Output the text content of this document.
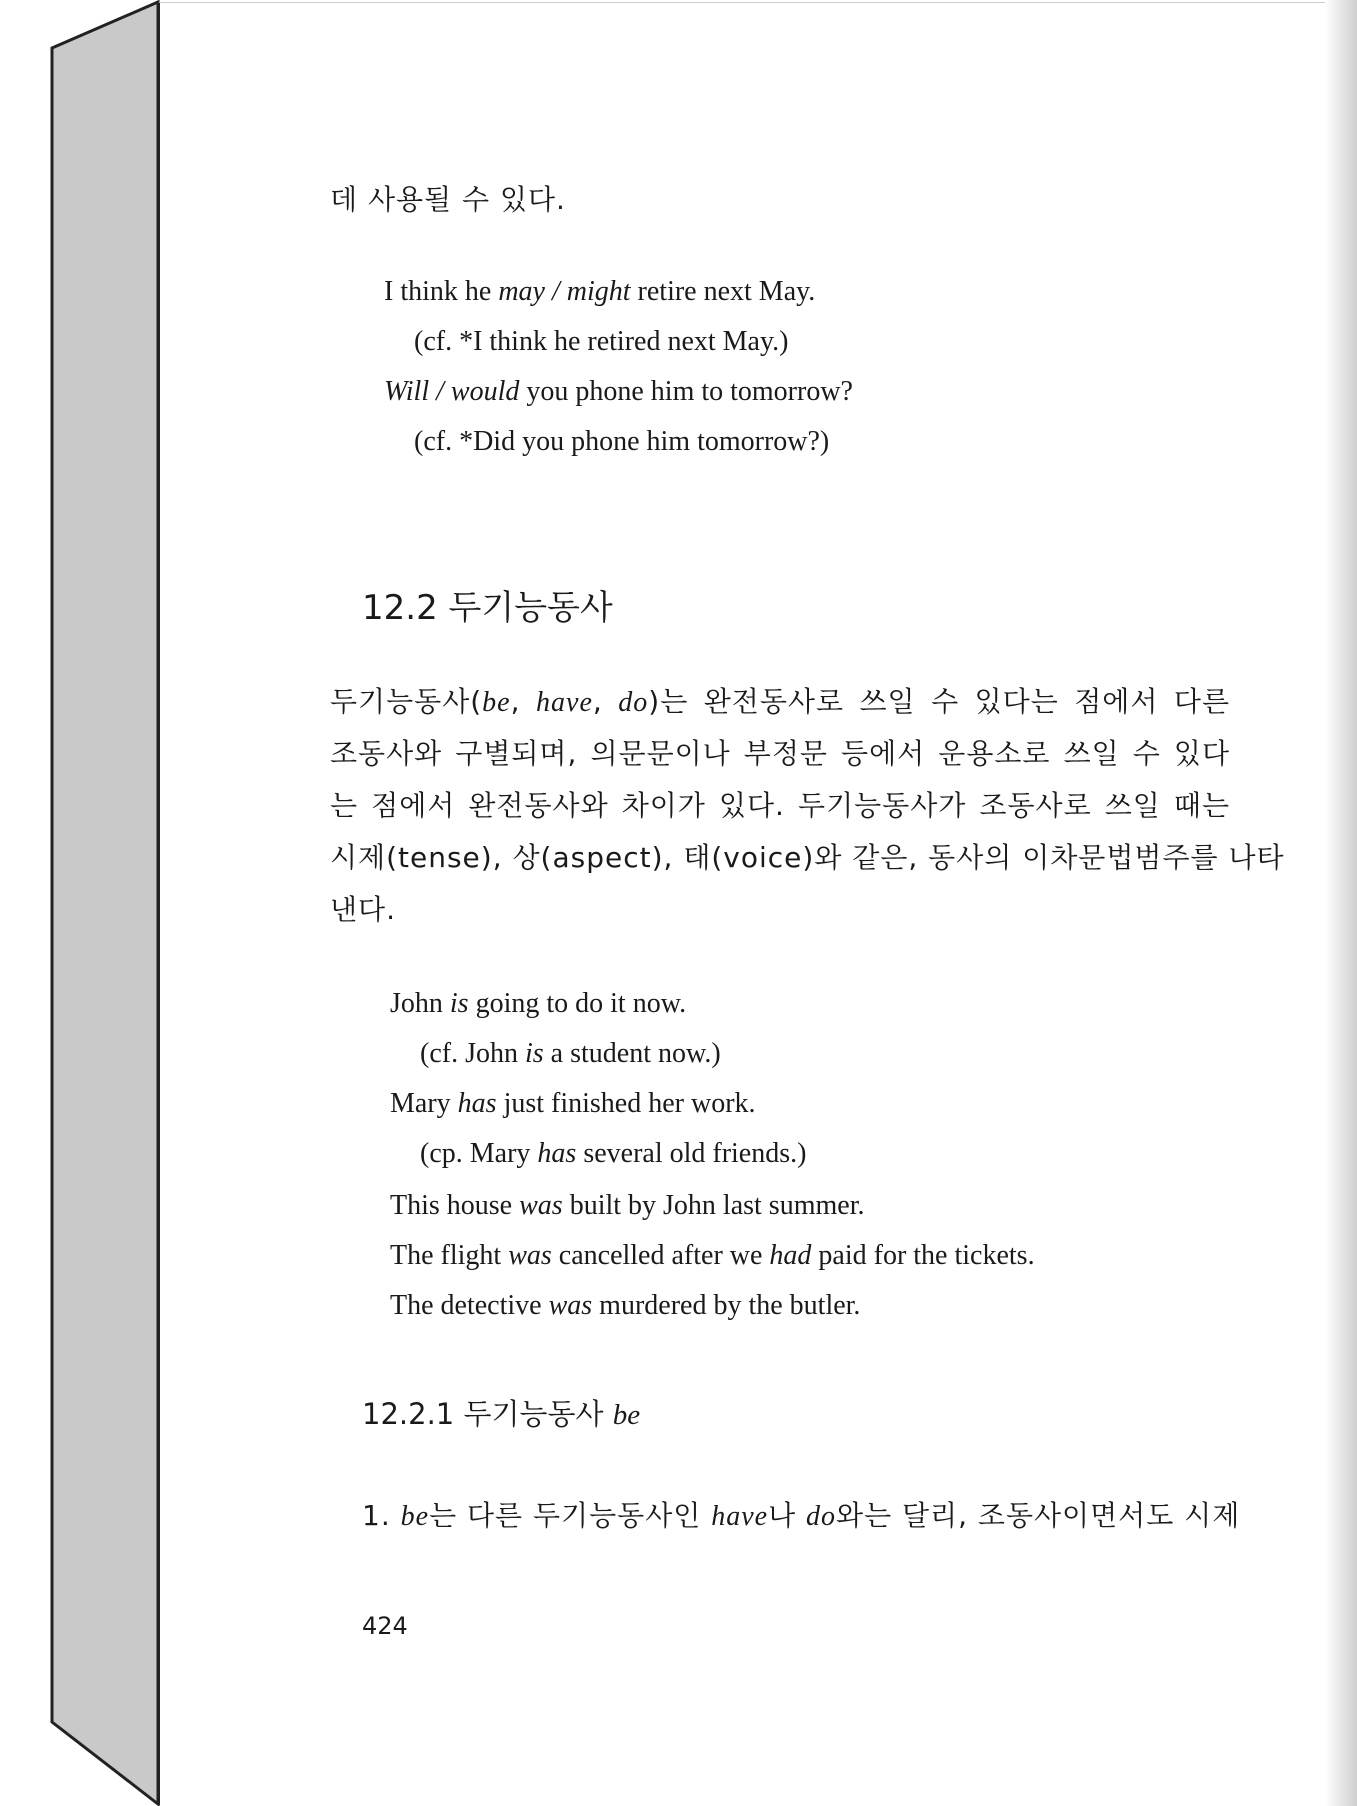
데 사용될 수 있다.
I think he may / might retire next May.
(cf. *I think he retired next May.)
Will / would you phone him to tomorrow?
(cf. *Did you phone him tomorrow?)
12.2 두기능동사
두기능동사(be, have, do)는 완전동사로 쓰일 수 있다는 점에서 다른
조동사와 구별되며, 의문문이나 부정문 등에서 운용소로 쓰일 수 있다
는 점에서 완전동사와 차이가 있다. 두기능동사가 조동사로 쓰일 때는
시제(tense), 상(aspect), 태(voice)와 같은, 동사의 이차문법범주를 나타
낸다.
John is going to do it now.
(cf. John is a student now.)
Mary has just finished her work.
(cp. Mary has several old friends.)
This house was built by John last summer.
The flight was cancelled after we had paid for the tickets.
The detective was murdered by the butler.
12.2.1 두기능동사 be
1. be는 다른 두기능동사인 have나 do와는 달리, 조동사이면서도 시제
424
